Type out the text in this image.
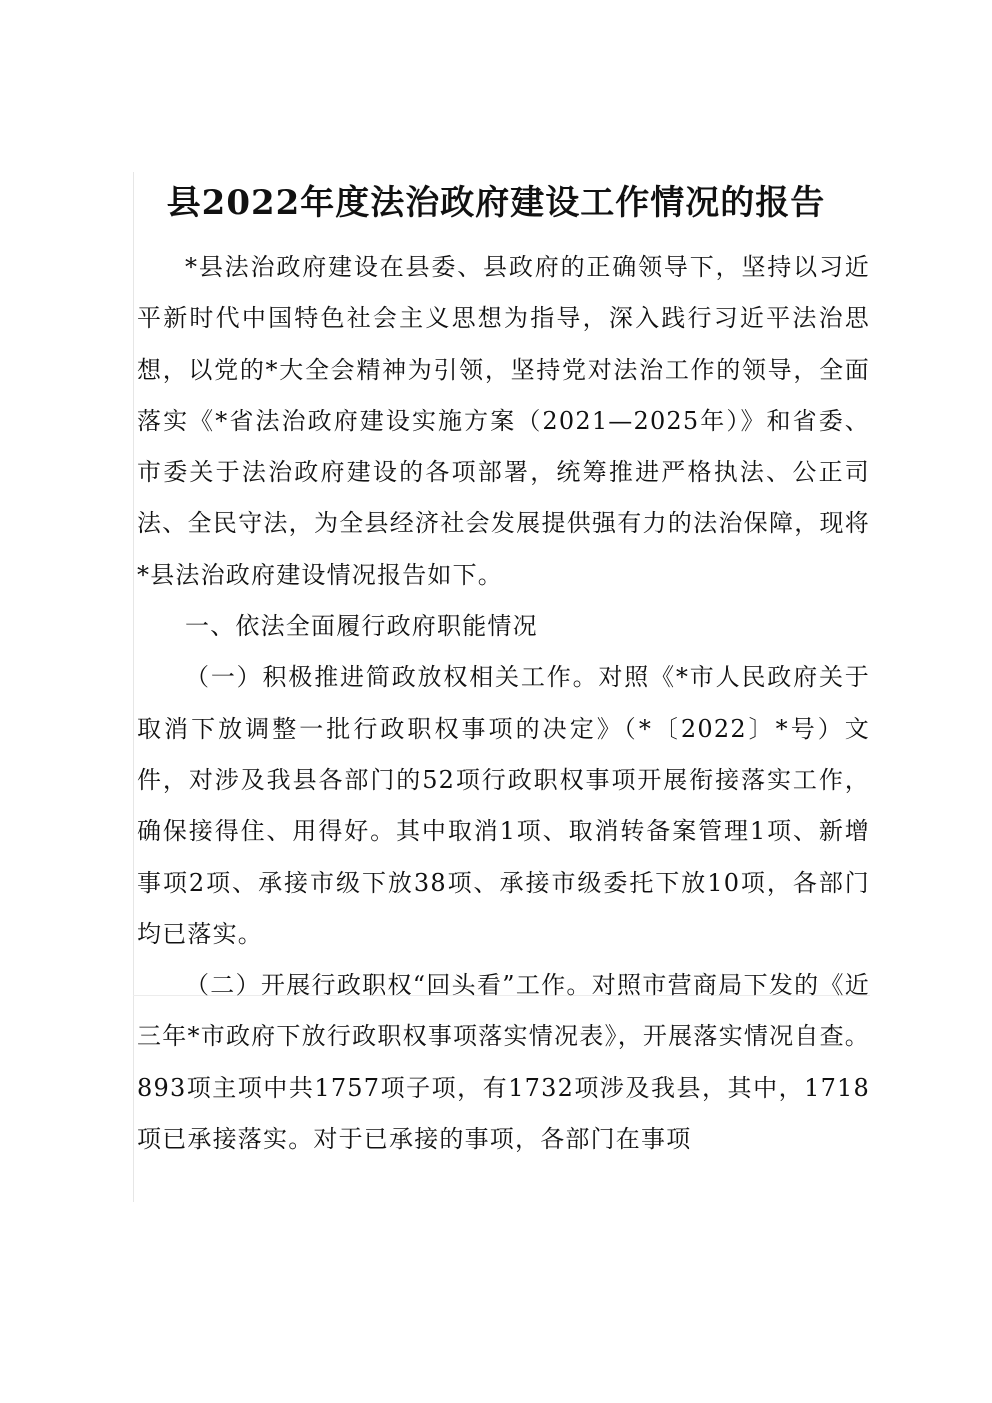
县2022年度法治政府建设工作情况的报告

*县法治政府建设在县委、县政府的正确领导下，坚持以习近平新时代中国特色社会主义思想为指导，深入践行习近平法治思想，以党的*大全会精神为引领，坚持党对法治工作的领导，全面落实《*省法治政府建设实施方案（2021—2025年）》和省委、市委关于法治政府建设的各项部署，统筹推进严格执法、公正司法、全民守法，为全县经济社会发展提供强有力的法治保障，现将*县法治政府建设情况报告如下。

一、依法全面履行政府职能情况

（一）积极推进简政放权相关工作。对照《*市人民政府关于取消下放调整一批行政职权事项的决定》（*〔2022〕*号）文件，对涉及我县各部门的52项行政职权事项开展衔接落实工作，确保接得住、用得好。其中取消1项、取消转备案管理1项、新增事项2项、承接市级下放38项、承接市级委托下放10项，各部门均已落实。

（二）开展行政职权“回头看”工作。对照市营商局下发的《近三年*市政府下放行政职权事项落实情况表》，开展落实情况自查。893项主项中共1757项子项，有1732项涉及我县，其中，1718项已承接落实。对于已承接的事项，各部门在事项
